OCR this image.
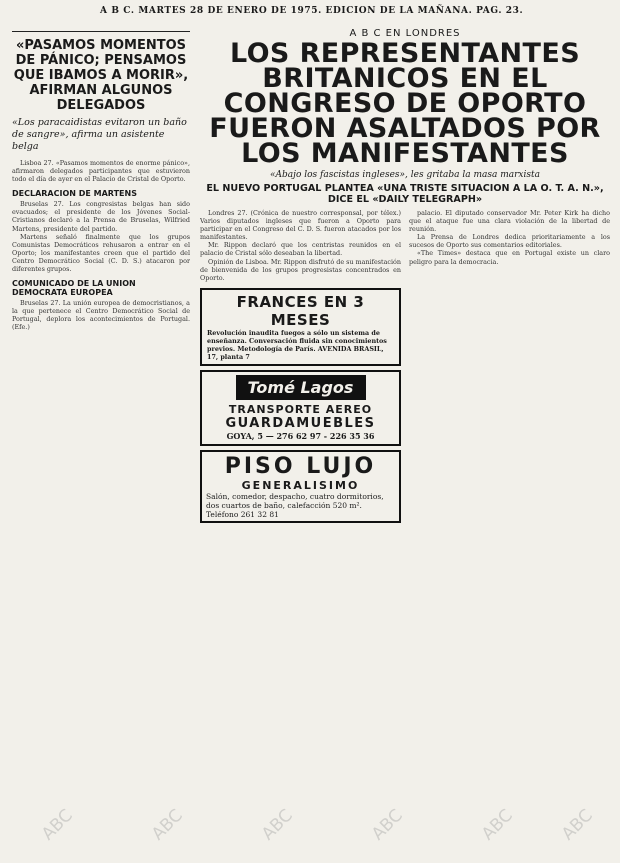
A B C. MARTES 28 DE ENERO DE 1975. EDICION DE LA MAÑANA. PAG. 23.
«PASAMOS MOMENTOS DE PÁNICO; PENSAMOS QUE IBAMOS A MORIR», AFIRMAN ALGUNOS DELEGADOS
«Los paracaidistas evitaron un baño de sangre», afirma un asistente belga

Lisboa 27. «Pasamos momentos de enorme pánico», afirmaron delegados participantes que estuvieron todo el día de ayer en el Palacio de Cristal de Oporto.

DECLARACION DE MARTENS

Bruselas 27. Los congresistas belgas han sido evacuados; el presidente de los Jóvenes Social-Cristianos declaró a la Prensa de Bruselas, Wilfried Martens, presidente del partido.

Martens señaló finalmente que los grupos Comunistas Democráticos rehusaron a entrar en el Oporto; los manifestantes creen que el partido del Centro Democrático Social (C. D. S.) atacaron por diferentes grupos.

COMUNICADO DE LA UNION DEMOCRATA EUROPEA

Bruselas 27. La unión europea de democristianos, a la que pertenece el Centro Democrático Social de Portugal, deplora los acontecimientos de Portugal. (Efe.)

A B C EN LONDRES
LOS REPRESENTANTES BRITANICOS EN EL CONGRESO DE OPORTO FUERON ASALTADOS POR LOS MANIFESTANTES
«Abajo los fascistas ingleses», les gritaba la masa marxista
EL NUEVO PORTUGAL PLANTEA «UNA TRISTE SITUACION A LA O. T. A. N.», DICE EL «DAILY TELEGRAPH»

Londres 27. (Crónica de nuestro corresponsal, por télex.) Varios diputados ingleses que fueron a Oporto para participar en el Congreso del C. D. S. fueron atacados por los manifestantes.

Mr. Rippon declaró que los centristas reunidos en el palacio de Cristal sólo deseaban la libertad.

Opinión de Lisboa. Mr. Rippon disfrutó de su manifestación de bienvenida de los grupos progresistas concentrados en Oporto.

FRANCES EN 3 MESES
Revolución inaudita fuegos a sólo un sistema de enseñanza. Conversación fluida sin conocimientos previos. Metodología de París. AVENIDA BRASIL, 17, planta 7
Tomé Lagos
TRANSPORTE AEREO
GUARDAMUEBLES
GOYA, 5 — 276 62 97 - 226 35 36
PISO LUJO
GENERALISIMO
Salón, comedor, despacho, cuatro dormitorios, dos cuartos de baño, calefacción 520 m². Teléfono 261 32 81

palacio. El diputado conservador Mr. Peter Kirk ha dicho que el ataque fue una clara violación de la libertad de reunión.

La Prensa de Londres dedica prioritariamente a los sucesos de Oporto sus comentarios editoriales.

«The Times» destaca que en Portugal existe un claro peligro para la democracia.

ABC	ABC	ABC	ABC	ABC ABC
